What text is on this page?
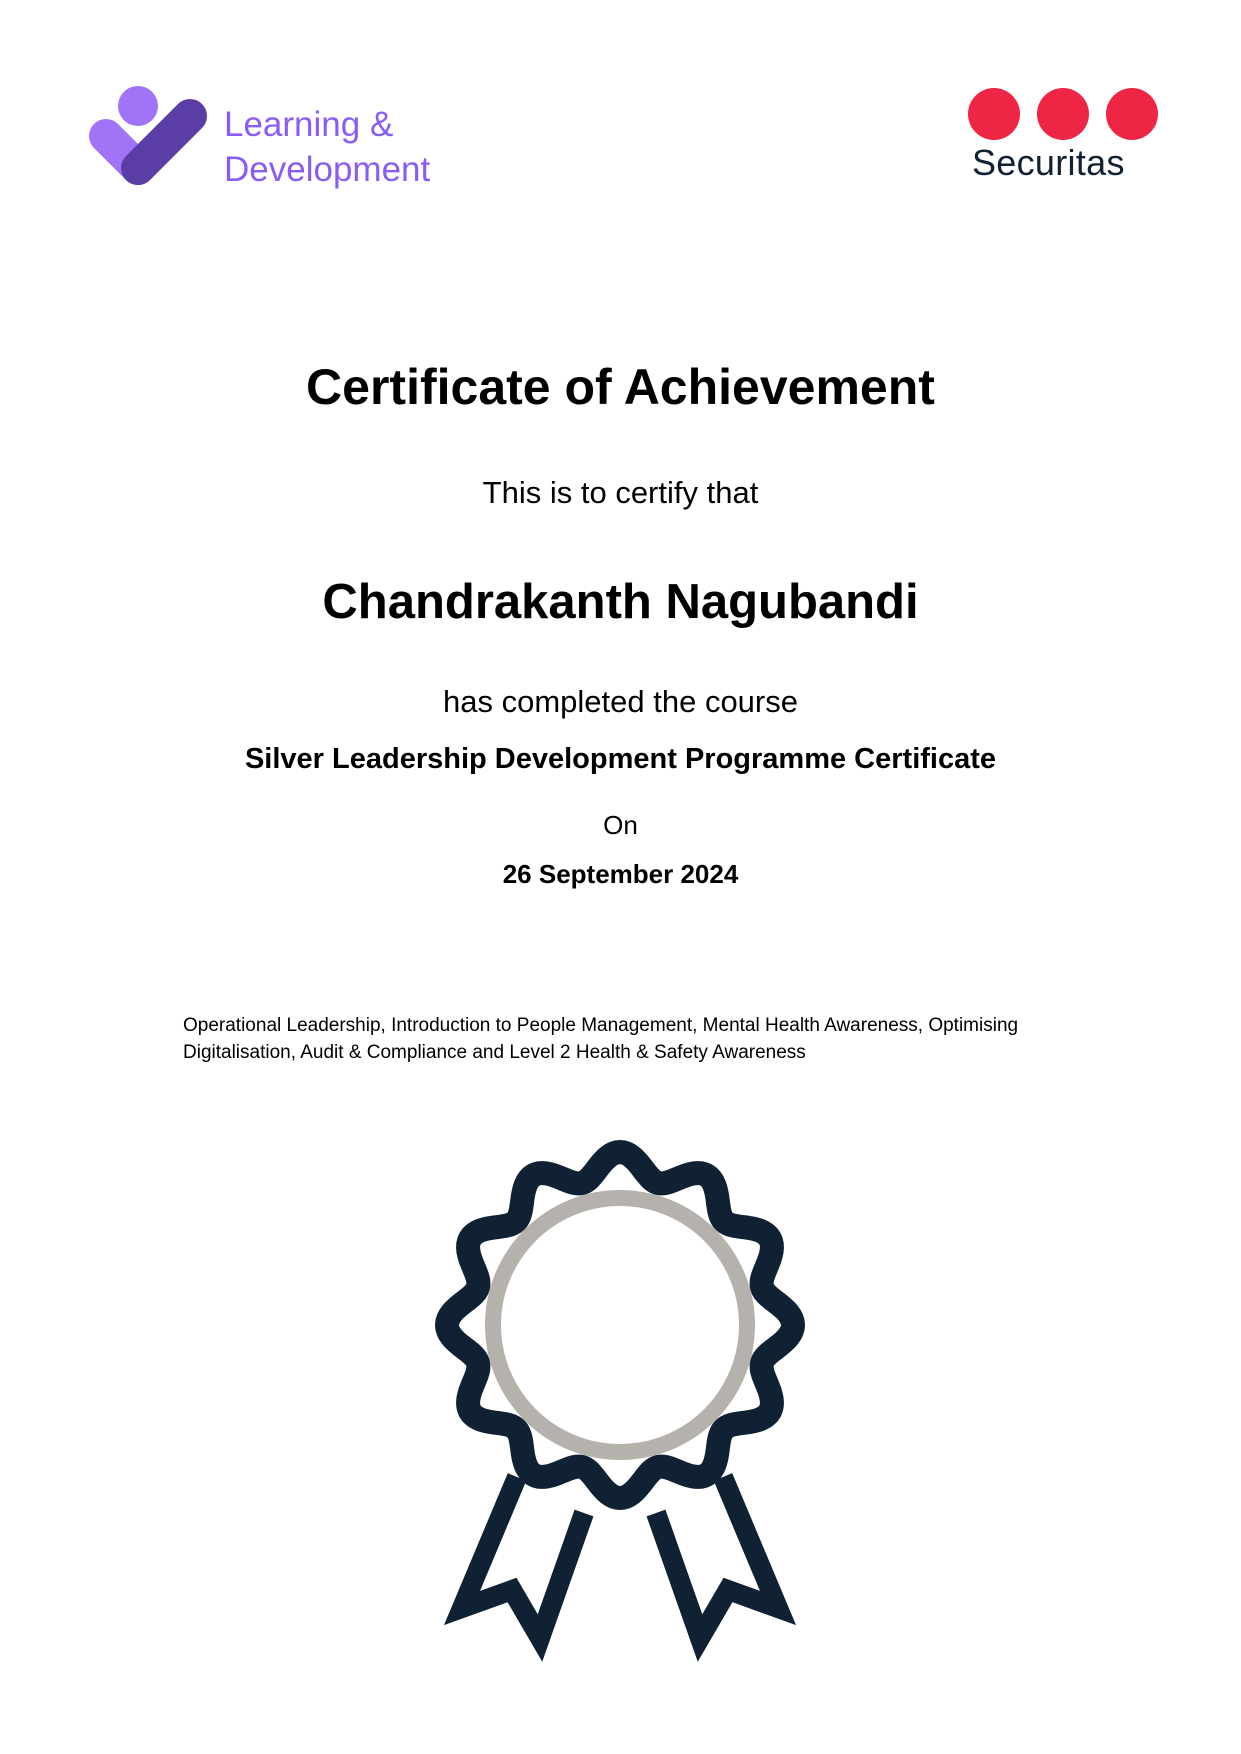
Learning &
Development	Securitas
Certificate of Achievement
This is to certify that
Chandrakanth Nagubandi
has completed the course
Silver Leadership Development Programme Certificate
On
26 September 2024
Operational Leadership, Introduction to People Management, Mental Health Awareness, Optimising Digitalisation, Audit & Compliance and Level 2 Health & Safety Awareness
